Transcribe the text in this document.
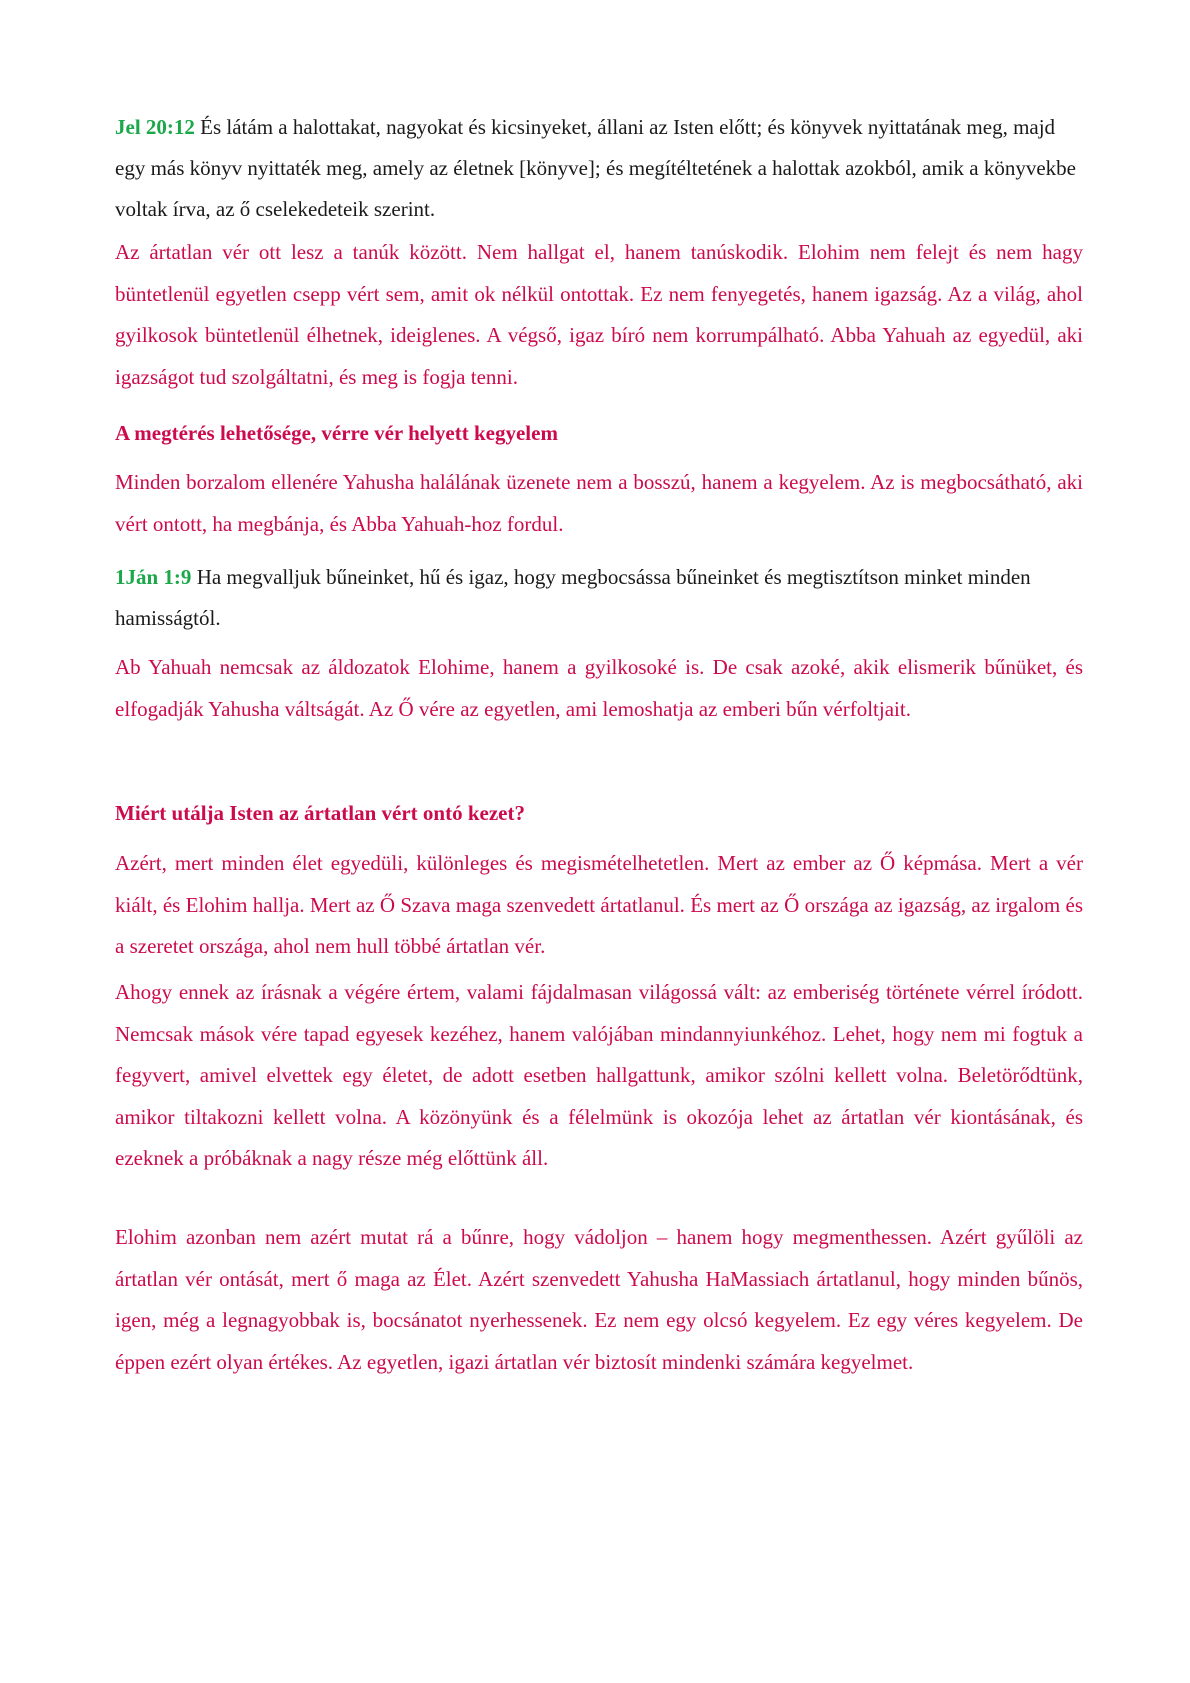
Jel 20:12 És látám a halottakat, nagyokat és kicsinyeket, állani az Isten előtt; és könyvek nyittatának meg, majd egy más könyv nyittaték meg, amely az életnek [könyve]; és megítéltetének a halottak azokból, amik a könyvekbe voltak írva, az ő cselekedeteik szerint.

Az ártatlan vér ott lesz a tanúk között. Nem hallgat el, hanem tanúskodik. Elohim nem felejt és nem hagy büntetlenül egyetlen csepp vért sem, amit ok nélkül ontottak. Ez nem fenyegetés, hanem igazság. Az a világ, ahol gyilkosok büntetlenül élhetnek, ideiglenes. A végső, igaz bíró nem korrumpálható. Abba Yahuah az egyedül, aki igazságot tud szolgáltatni, és meg is fogja tenni.

A megtérés lehetősége, vérre vér helyett kegyelem

Minden borzalom ellenére Yahusha halálának üzenete nem a bosszú, hanem a kegyelem. Az is megbocsátható, aki vért ontott, ha megbánja, és Abba Yahuah-hoz fordul.

1Ján 1:9 Ha megvalljuk bűneinket, hű és igaz, hogy megbocsássa bűneinket és megtisztítson minket minden hamisságtól.

Ab Yahuah nemcsak az áldozatok Elohime, hanem a gyilkosoké is. De csak azoké, akik elismerik bűnüket, és elfogadják Yahusha váltságát. Az Ő vére az egyetlen, ami lemoshatja az emberi bűn vérfoltjait.

Miért utálja Isten az ártatlan vért ontó kezet?

Azért, mert minden élet egyedüli, különleges és megismételhetetlen. Mert az ember az Ő képmása. Mert a vér kiált, és Elohim hallja. Mert az Ő Szava maga szenvedett ártatlanul. És mert az Ő országa az igazság, az irgalom és a szeretet országa, ahol nem hull többé ártatlan vér.

Ahogy ennek az írásnak a végére értem, valami fájdalmasan világossá vált: az emberiség története vérrel íródott. Nemcsak mások vére tapad egyesek kezéhez, hanem valójában mindannyiunkéhoz. Lehet, hogy nem mi fogtuk a fegyvert, amivel elvettek egy életet, de adott esetben hallgattunk, amikor szólni kellett volna. Beletörődtünk, amikor tiltakozni kellett volna. A közönyünk és a félelmünk is okozója lehet az ártatlan vér kiontásának, és ezeknek a próbáknak a nagy része még előttünk áll.

Elohim azonban nem azért mutat rá a bűnre, hogy vádoljon – hanem hogy megmenthessen. Azért gyűlöli az ártatlan vér ontását, mert ő maga az Élet. Azért szenvedett Yahusha HaMassiach ártatlanul, hogy minden bűnös, igen, még a legnagyobbak is, bocsánatot nyerhessenek. Ez nem egy olcsó kegyelem. Ez egy véres kegyelem. De éppen ezért olyan értékes. Az egyetlen, igazi ártatlan vér biztosít mindenki számára kegyelmet.
